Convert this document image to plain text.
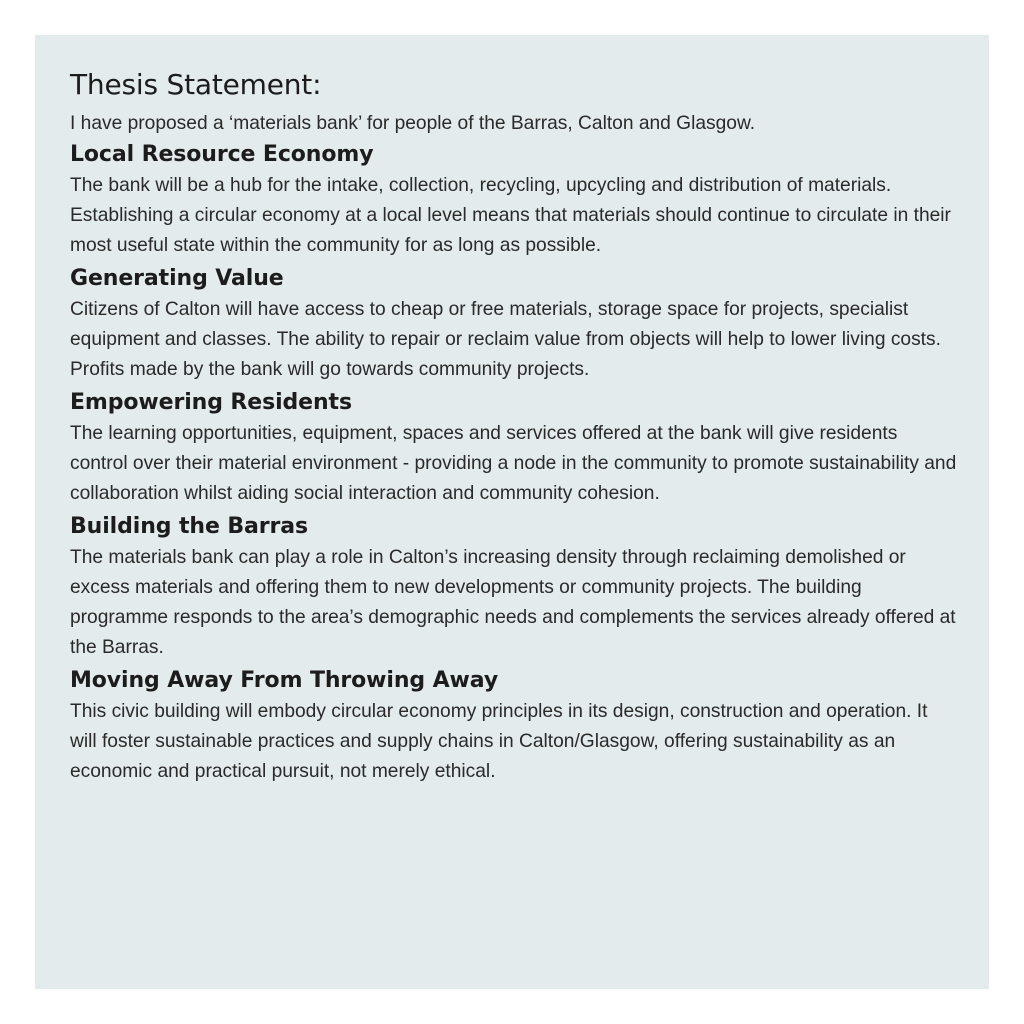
Thesis Statement:

I have proposed a ‘materials bank’ for people of the Barras, Calton and Glasgow.

Local Resource Economy

The bank will be a hub for the intake, collection, recycling, upcycling and distribution of materials. Establishing a circular economy at a local level means that materials should continue to circulate in their most useful state within the community for as long as possible.

Generating Value

Citizens of Calton will have access to cheap or free materials, storage space for projects, specialist equipment and classes. The ability to repair or reclaim value from objects will help to lower living costs. Profits made by the bank will go towards community projects.

Empowering Residents

The learning opportunities, equipment, spaces and services offered at the bank will give residents control over their material environment - providing a node in the community to promote sustainability and collaboration whilst aiding social interaction and community cohesion.

Building the Barras

The materials bank can play a role in Calton’s increasing density through reclaiming demolished or excess materials and offering them to new developments or community projects. The building programme responds to the area’s demographic needs and complements the services already offered at the Barras.

Moving Away From Throwing Away

This civic building will embody circular economy principles in its design, construction and operation. It will foster sustainable practices and supply chains in Calton/Glasgow, offering sustainability as an economic and practical pursuit, not merely ethical.
